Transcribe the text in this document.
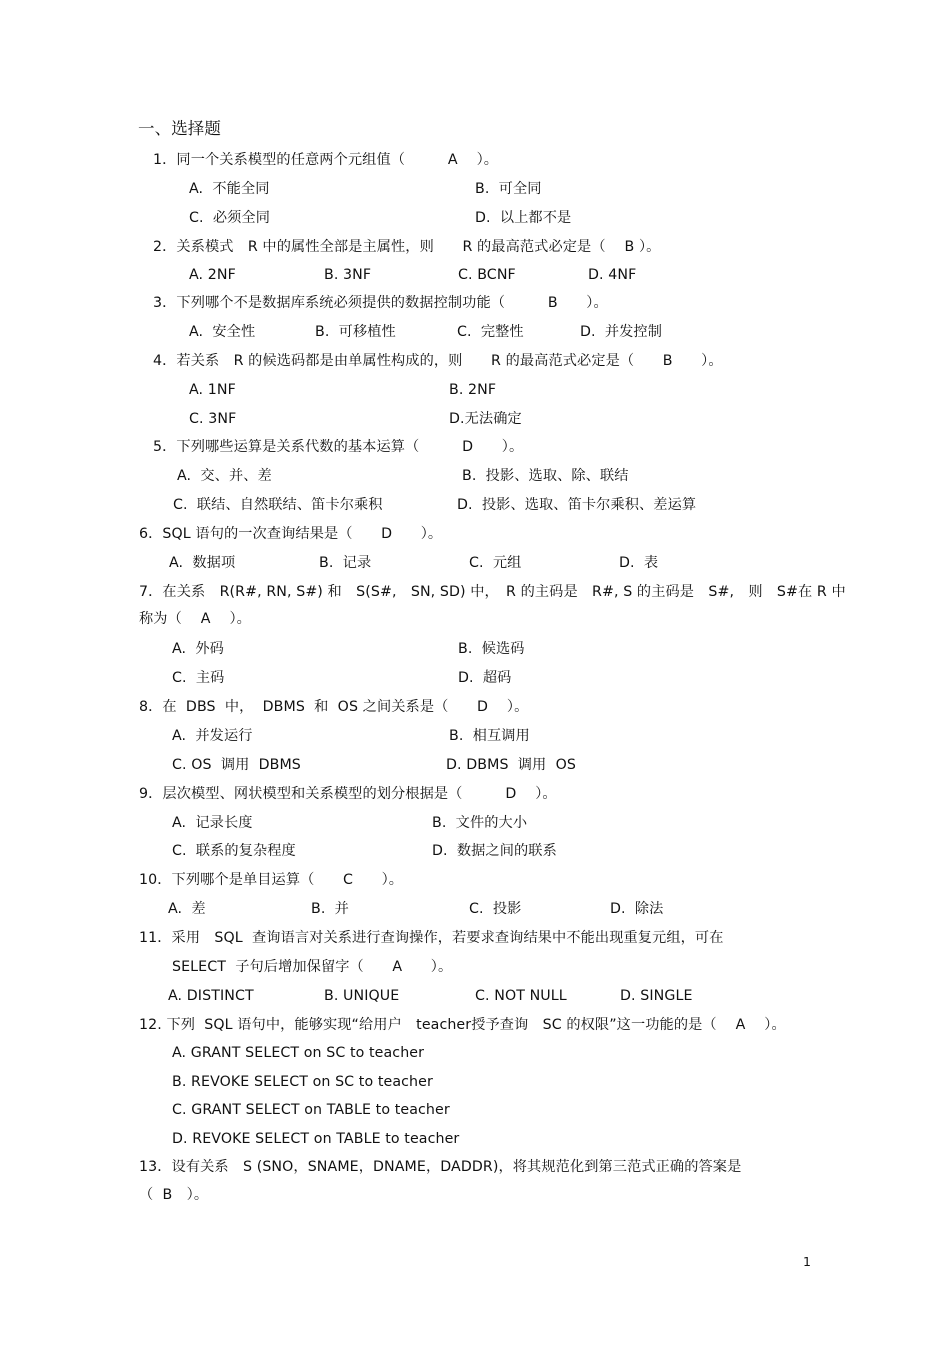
一、选择题
1．同一个关系模型的任意两个元组值（　　　A　 ）。
A.  不能全同	B.  可全同
C.  必须全同	D.  以上都不是
2．关系模式　R 中的属性全部是主属性，则　　R 的最高范式必定是（　 B ）。
A. 2NF	B. 3NF	C. BCNF	D. 4NF
3．下列哪个不是数据库系统必须提供的数据控制功能（　　　B　　）。
A.  安全性	B.  可移植性	C.  完整性	D.  并发控制
4．若关系　R 的候选码都是由单属性构成的，则　　R 的最高范式必定是（　　B　　）。
A. 1NF	B. 2NF
C. 3NF	D.无法确定
5．下列哪些运算是关系代数的基本运算（　　　D　　）。
A.  交、并、差	B.  投影、选取、除、联结
C.  联结、自然联结、笛卡尔乘积	D.  投影、选取、笛卡尔乘积、差运算
6．SQL 语句的一次查询结果是（　　D　　）。
A.  数据项	B.  记录	C.  元组	D.  表
7．在关系　R(R#, RN, S#) 和　S(S#,　SN, SD) 中，　R 的主码是　R#, S 的主码是　S#,　则　S#在 R 中
称为（　 A　 ）。
A.  外码	B.  候选码
C.  主码	D.  超码
8．在  DBS  中，  DBMS  和  OS 之间关系是（　　D　 ）。
A.  并发运行	B.  相互调用
C. OS  调用  DBMS	D. DBMS  调用  OS
9．层次模型、网状模型和关系模型的划分根据是（　　　D　 ）。
A.  记录长度	B.  文件的大小
C.  联系的复杂程度	D.  数据之间的联系
10．下列哪个是单目运算（　　C　　）。
A.  差	B.  并	C.  投影	D.  除法
11．采用　SQL  查询语言对关系进行查询操作，若要求查询结果中不能出现重复元组，可在
SELECT  子句后增加保留字（　　A　　）。
A. DISTINCT	B. UNIQUE	C. NOT NULL	D. SINGLE
12. 下列  SQL 语句中，能够实现“给用户　teacher授予查询　SC 的权限”这一功能的是（　 A　 ）。
A. GRANT SELECT on SC to teacher
B. REVOKE SELECT on SC to teacher
C. GRANT SELECT on TABLE to teacher
D. REVOKE SELECT on TABLE to teacher
13．设有关系　S (SNO，SNAME，DNAME，DADDR)，将其规范化到第三范式正确的答案是
（  B　）。
1
